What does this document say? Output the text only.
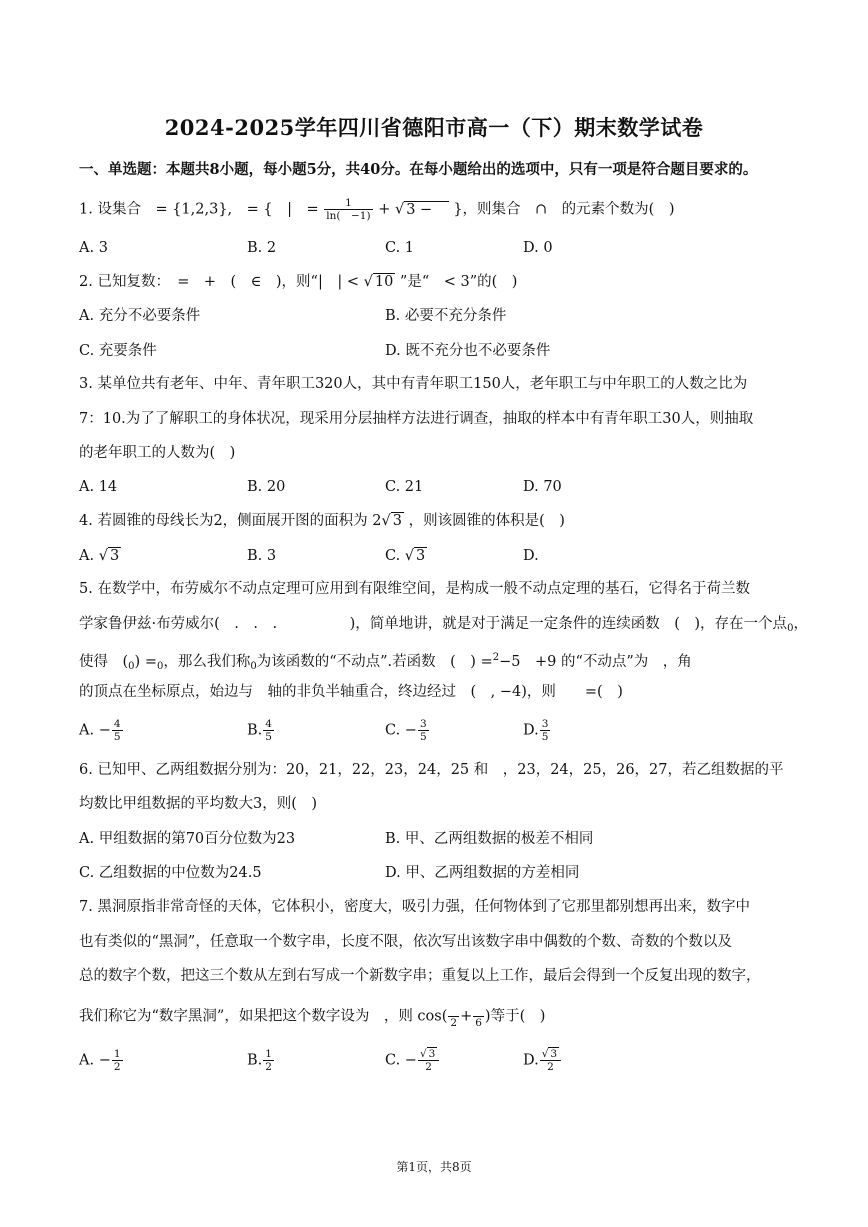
2024-2025学年四川省德阳市高一（下）期末数学试卷
一、单选题：本题共8小题，每小题5分，共40分。在每小题给出的选项中，只有一项是符合题目要求的。
1. 设集合　= {1,2,3},　= {　|　= $\frac{1}{\ln( -1)}$ + √ 3 −　 }，则集合　∩　的元素个数为(　)
A. 3	B. 2	C. 1	D. 0
2. 已知复数：　=　+　(　∈　)，则“|　| < √ 10 ”是“　< 3”的(　)
A. 充分不必要条件	B. 必要不充分条件
C. 充要条件	D. 既不充分也不必要条件
3. 某单位共有老年、中年、青年职工320人，其中有青年职工150人，老年职工与中年职工的人数之比为
7：10.为了了解职工的身体状况，现采用分层抽样方法进行调查，抽取的样本中有青年职工30人，则抽取
的老年职工的人数为(　)
A. 14	B. 20	C. 21	D. 70
4. 若圆锥的母线长为2，侧面展开图的面积为 2√ 3 ，则该圆锥的体积是(　)
A. √ 3	B. 3	C. √ 3	D.
5. 在数学中，布劳威尔不动点定理可应用到有限维空间，是构成一般不动点定理的基石，它得名于荷兰数
学家鲁伊兹·布劳威尔(　.　.　.　　　　　)，简单地讲，就是对于满足一定条件的连续函数　(　)，存在一个点$_0$，
使得　$(_0) =_0$，那么我们称$_0$为该函数的“不动点”.若函数　(　) =$^2$−5　+9 的“不动点”为　，角
的顶点在坐标原点，始边与　轴的非负半轴重合，终边经过　(　, −4)，则　　=(　)
A. − $\frac{4}{5}$	B. $\frac{4}{5}$	C. − $\frac{3}{5}$	D. $\frac{3}{5}$
6. 已知甲、乙两组数据分别为：20，21，22，23，24，25 和　，23，24，25，26，27，若乙组数据的平
均数比甲组数据的平均数大3，则(　)
A. 甲组数据的第70百分位数为23	B. 甲、乙两组数据的极差不相同
C. 乙组数据的中位数为24.5	D. 甲、乙两组数据的方差相同
7. 黑洞原指非常奇怪的天体，它体积小，密度大，吸引力强，任何物体到了它那里都别想再出来，数字中
也有类似的“黑洞”，任意取一个数字串，长度不限，依次写出该数字串中偶数的个数、奇数的个数以及
总的数字个数，把这三个数从左到右写成一个新数字串；重复以上工作，最后会得到一个反复出现的数字，
我们称它为“数字黑洞”，如果把这个数字设为　，则 cos( 2 + 6 )等于(　)
A. − $\frac{1}{2}$	B. $\frac{1}{2}$	C. − $\frac{√ 3}{2}$	D. $\frac{√ 3}{2}$
第1页，共8页
